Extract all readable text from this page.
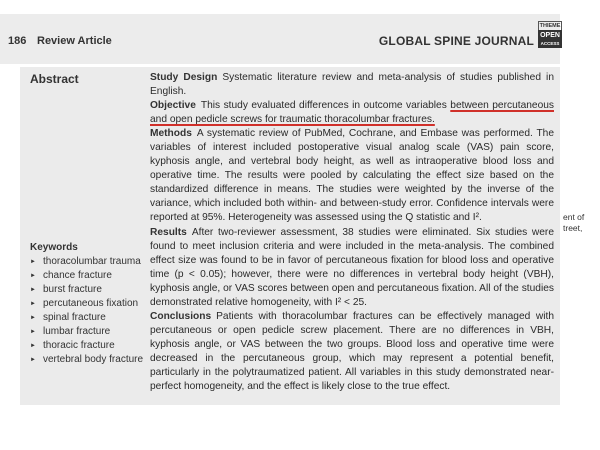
186 Review Article	GLOBAL SPINE JOURNAL
THIEME
OPEN
ACCESS
Abstract	Study Design Systematic literature review and meta-analysis of studies published in English.

Objective This study evaluated differences in outcome variables between percutaneous and open pedicle screws for traumatic thoracolumbar fractures.

Methods A systematic review of PubMed, Cochrane, and Embase was performed. The variables of interest included postoperative visual analog scale (VAS) pain score, kyphosis angle, and vertebral body height, as well as intraoperative blood loss and operative time. The results were pooled by calculating the effect size based on the standardized difference in means. The studies were weighted by the inverse of the variance, which included both within- and between-study error. Confidence intervals were reported at 95%. Heterogeneity was assessed using the Q statistic and I².

Results After two-reviewer assessment, 38 studies were eliminated. Six studies were found to meet inclusion criteria and were included in the meta-analysis. The combined effect size was found to be in favor of percutaneous fixation for blood loss and operative time (p < 0.05); however, there were no differences in vertebral body height (VBH), kyphosis angle, or VAS scores between open and percutaneous fixation. All of the studies demonstrated relative homogeneity, with I² < 25.

Conclusions Patients with thoracolumbar fractures can be effectively managed with percutaneous or open pedicle screw placement. There are no differences in VBH, kyphosis angle, or VAS between the two groups. Blood loss and operative time were decreased in the percutaneous group, which may represent a potential benefit, particularly in the polytraumatized patient. All variables in this study demonstrated near-perfect homogeneity, and the effect is likely close to the true effect.

Keywords
► thoracolumbar trauma
► chance fracture
► burst fracture
► percutaneous fixation
► spinal fracture
► lumbar fracture
► thoracic fracture
► vertebral body fracture
ent of
treet,
